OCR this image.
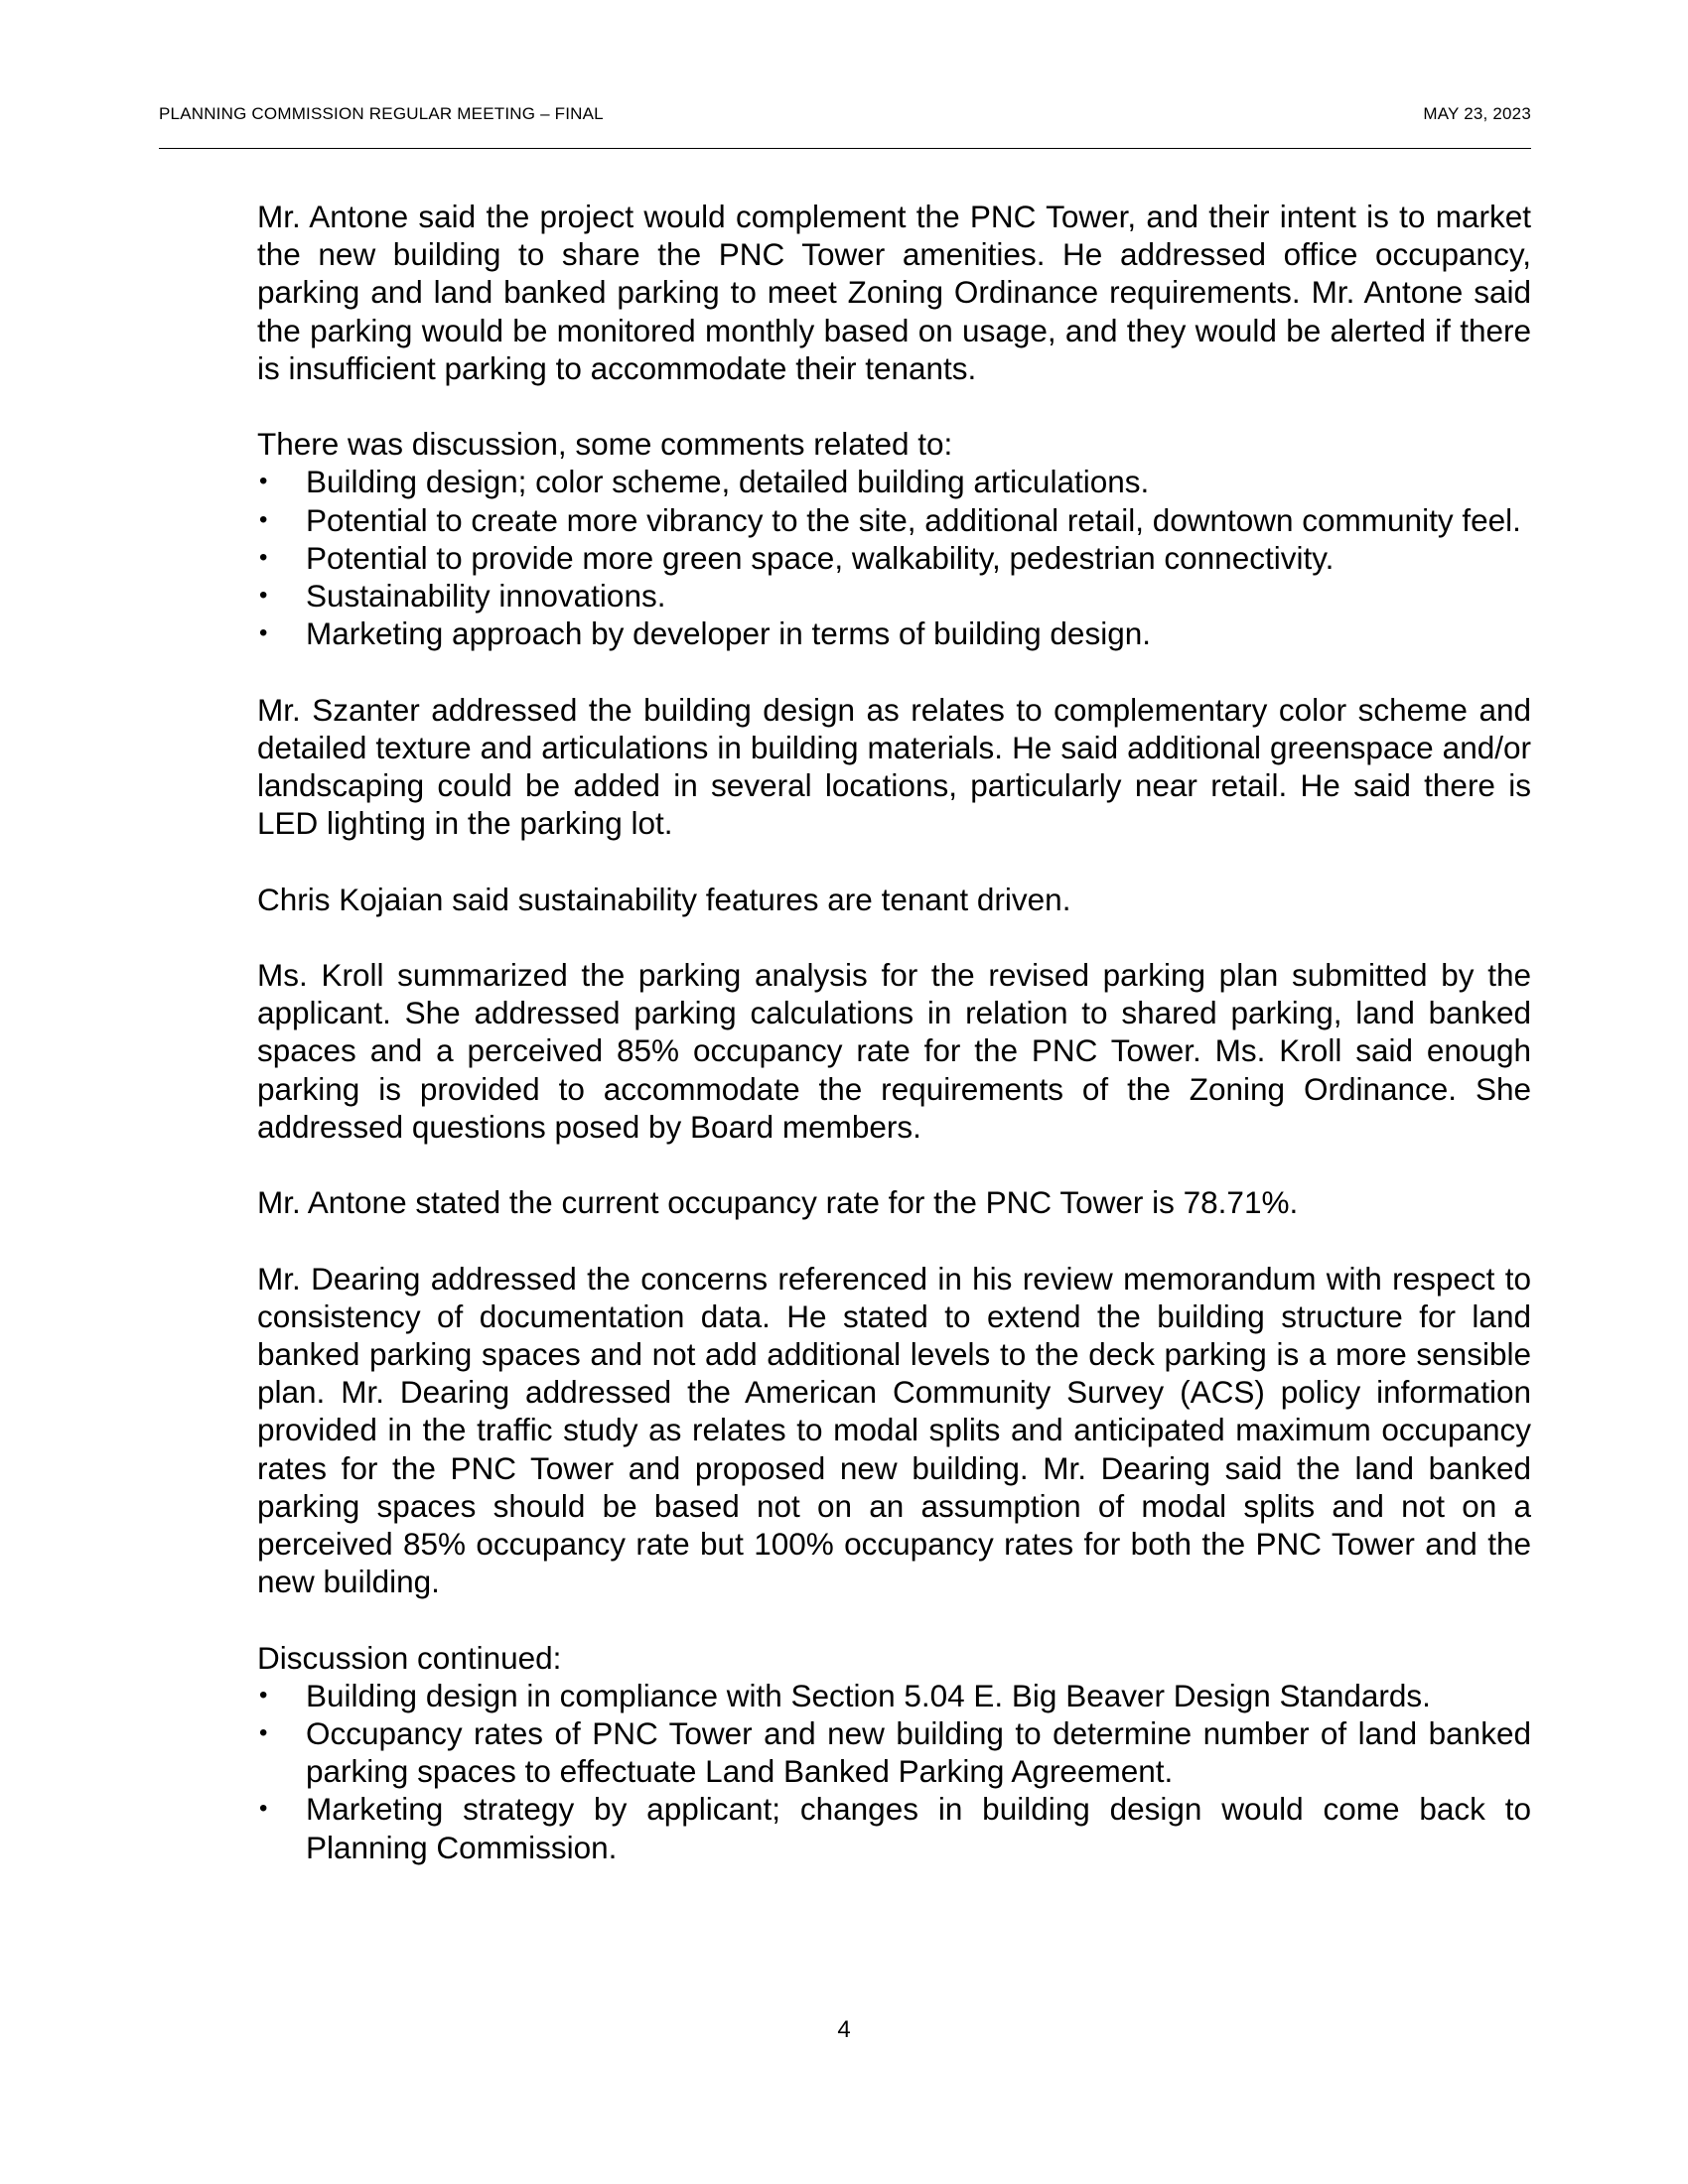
PLANNING COMMISSION REGULAR MEETING – FINAL	MAY 23, 2023

Mr. Antone said the project would complement the PNC Tower, and their intent is to market the new building to share the PNC Tower amenities. He addressed office occupancy, parking and land banked parking to meet Zoning Ordinance requirements. Mr. Antone said the parking would be monitored monthly based on usage, and they would be alerted if there is insufficient parking to accommodate their tenants.

There was discussion, some comments related to:

• Building design; color scheme, detailed building articulations.
• Potential to create more vibrancy to the site, additional retail, downtown community feel.
• Potential to provide more green space, walkability, pedestrian connectivity.
• Sustainability innovations.
• Marketing approach by developer in terms of building design.

Mr. Szanter addressed the building design as relates to complementary color scheme and detailed texture and articulations in building materials. He said additional greenspace and/or landscaping could be added in several locations, particularly near retail. He said there is LED lighting in the parking lot.

Chris Kojaian said sustainability features are tenant driven.

Ms. Kroll summarized the parking analysis for the revised parking plan submitted by the applicant. She addressed parking calculations in relation to shared parking, land banked spaces and a perceived 85% occupancy rate for the PNC Tower. Ms. Kroll said enough parking is provided to accommodate the requirements of the Zoning Ordinance. She addressed questions posed by Board members.

Mr. Antone stated the current occupancy rate for the PNC Tower is 78.71%.

Mr. Dearing addressed the concerns referenced in his review memorandum with respect to consistency of documentation data. He stated to extend the building structure for land banked parking spaces and not add additional levels to the deck parking is a more sensible plan. Mr. Dearing addressed the American Community Survey (ACS) policy information provided in the traffic study as relates to modal splits and anticipated maximum occupancy rates for the PNC Tower and proposed new building. Mr. Dearing said the land banked parking spaces should be based not on an assumption of modal splits and not on a perceived 85% occupancy rate but 100% occupancy rates for both the PNC Tower and the new building.

Discussion continued:

• Building design in compliance with Section 5.04 E. Big Beaver Design Standards.
• Occupancy rates of PNC Tower and new building to determine number of land banked parking spaces to effectuate Land Banked Parking Agreement.
• Marketing strategy by applicant; changes in building design would come back to Planning Commission.
4
